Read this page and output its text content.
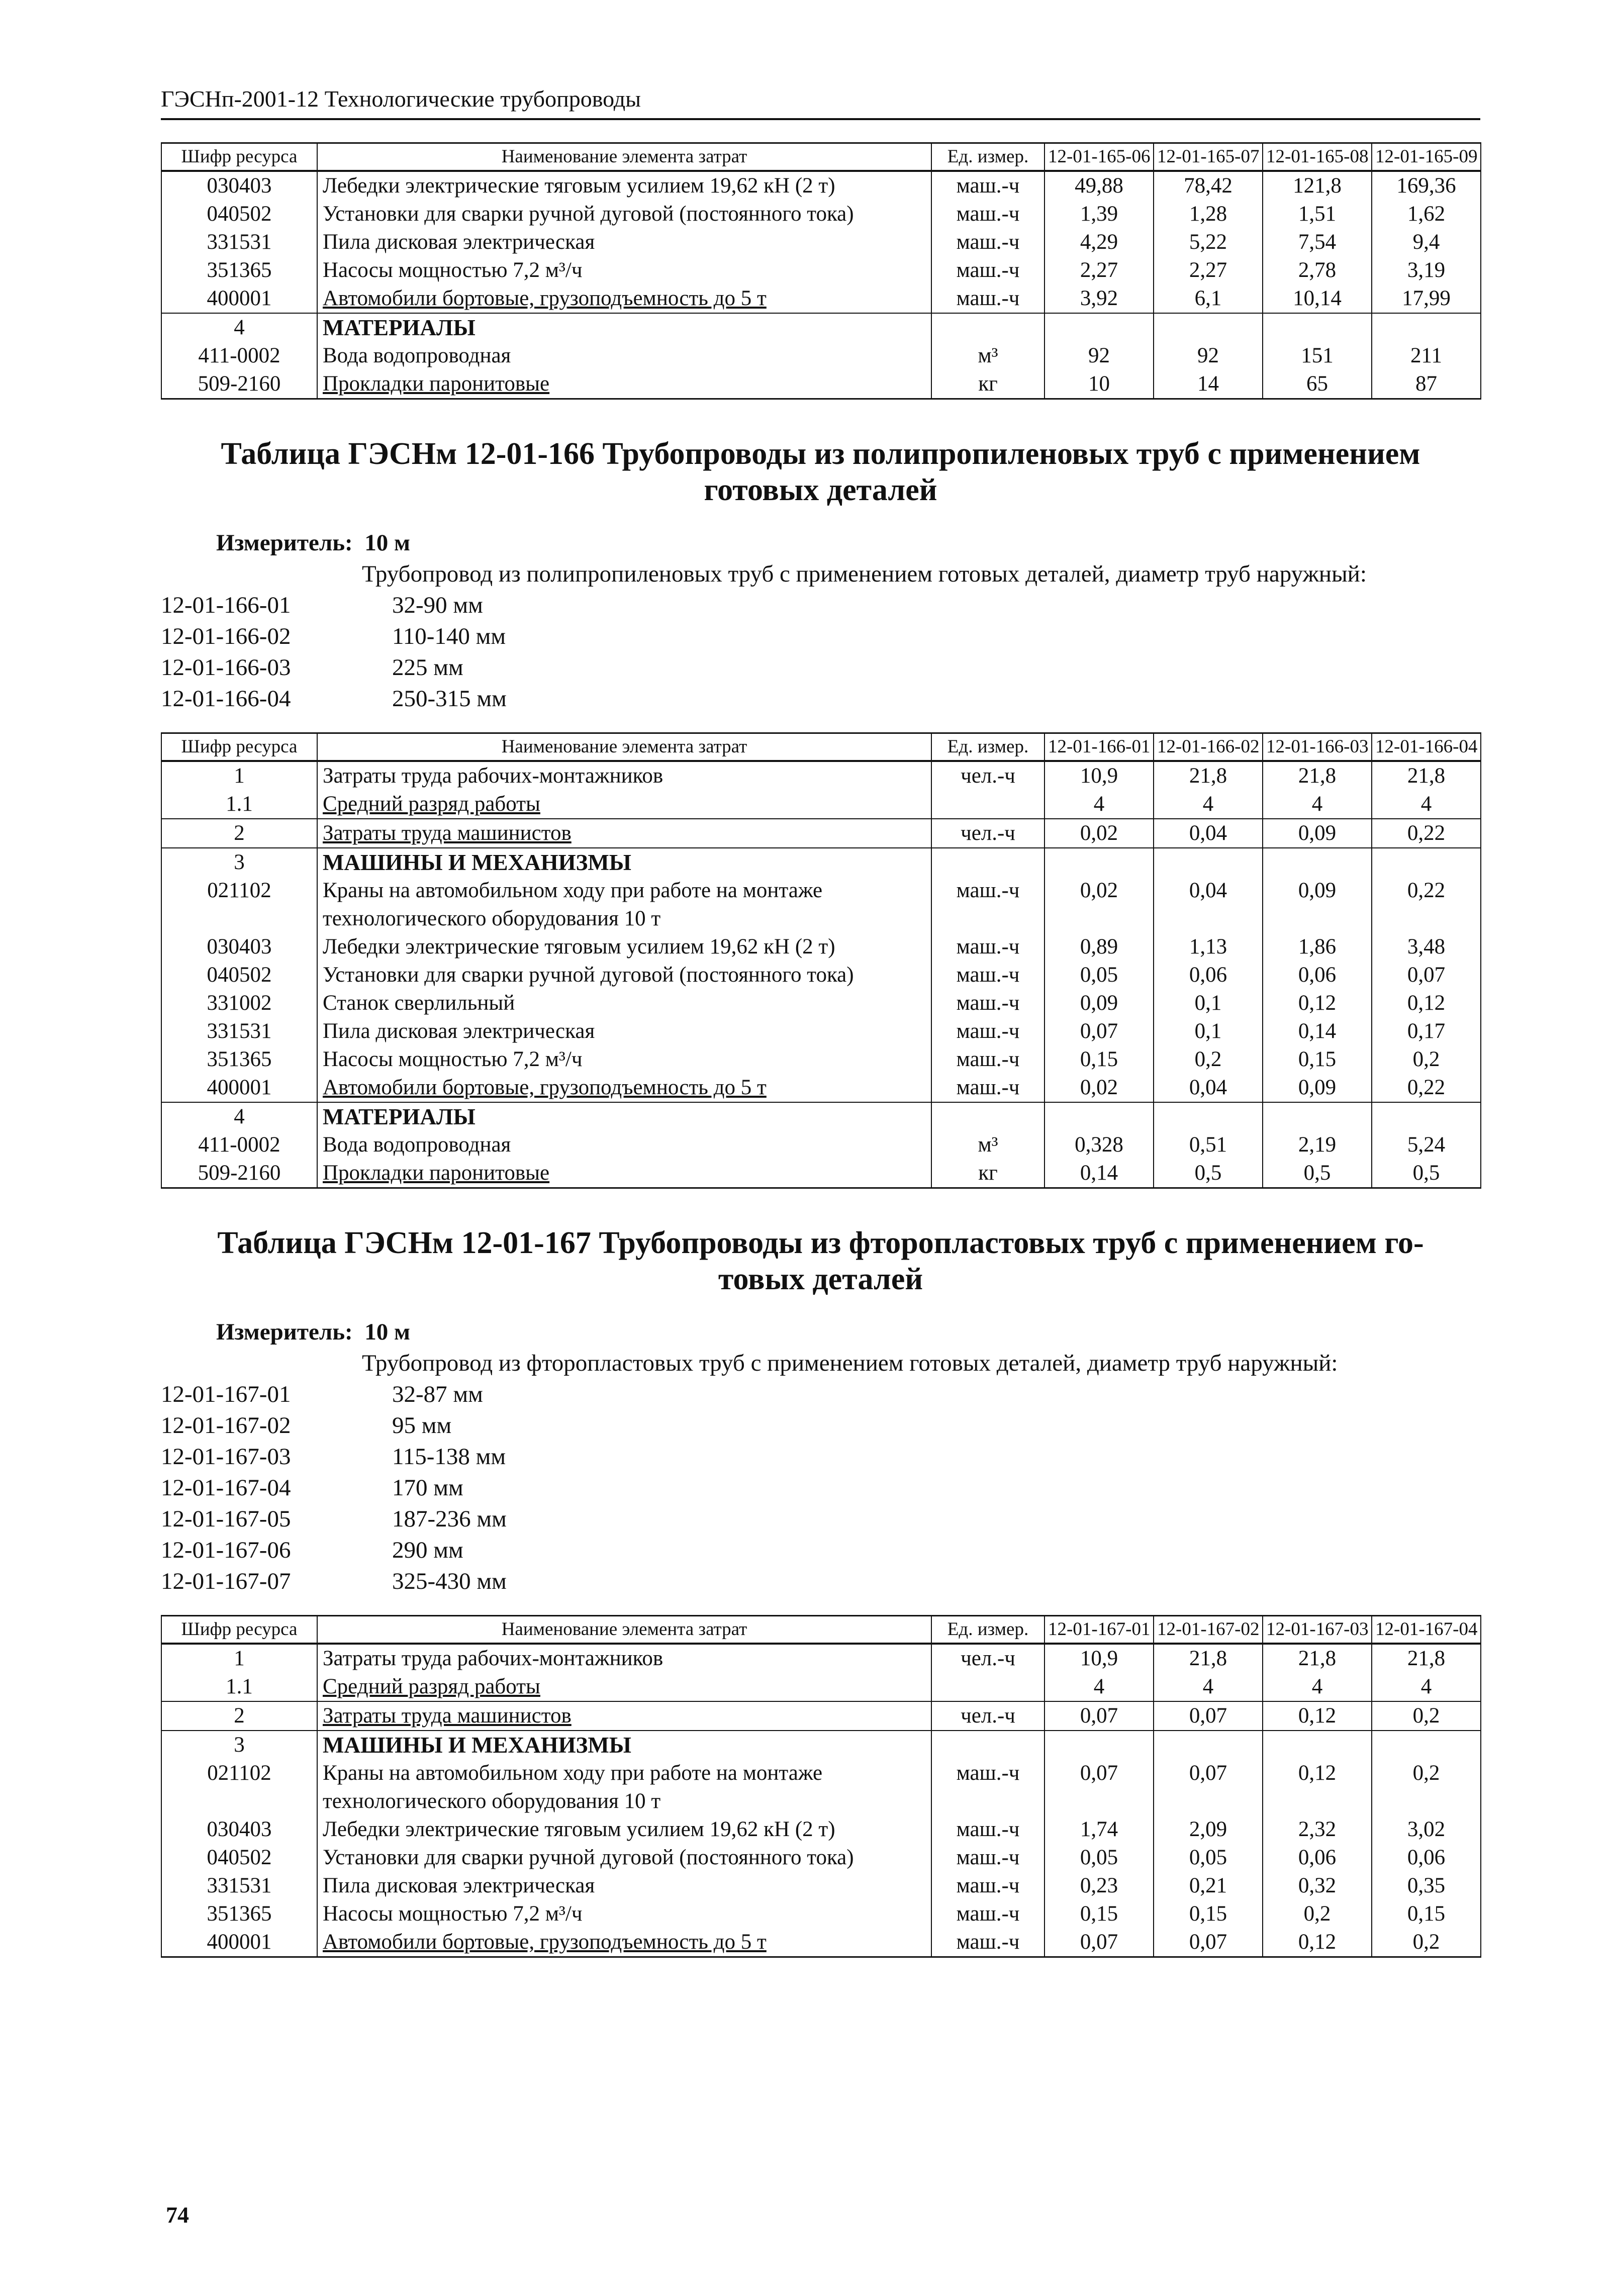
ГЭСНп-2001-12 Технологические трубопроводы
Шифр ресурса	Наименование элемента затрат	Ед. измер.	12-01-165-06	12-01-165-07	12-01-165-08	12-01-165-09
030403	Лебедки электрические тяговым усилием 19,62 кН (2 т)	маш.-ч	49,88	78,42	121,8	169,36
040502	Установки для сварки ручной дуговой (постоянного тока)	маш.-ч	1,39	1,28	1,51	1,62
331531	Пила дисковая электрическая	маш.-ч	4,29	5,22	7,54	9,4
351365	Насосы мощностью 7,2 м³/ч	маш.-ч	2,27	2,27	2,78	3,19
400001	Автомобили бортовые, грузоподъемность до 5 т	маш.-ч	3,92	6,1	10,14	17,99
4	МАТЕРИАЛЫ					
411-0002	Вода водопроводная	м³	92	92	151	211
509-2160	Прокладки паронитовые	кг	10	14	65	87
Таблица ГЭСНм 12-01-166 Трубопроводы из полипропиленовых труб с применением
готовых деталей
Измеритель: 10 м
Трубопровод из полипропиленовых труб с применением готовых деталей, диаметр труб наружный:
12-01-166-01	32-90 мм
12-01-166-02	110-140 мм
12-01-166-03	225 мм
12-01-166-04	250-315 мм
Шифр ресурса	Наименование элемента затрат	Ед. измер.	12-01-166-01	12-01-166-02	12-01-166-03	12-01-166-04
1	Затраты труда рабочих-монтажников	чел.-ч	10,9	21,8	21,8	21,8
1.1	Средний разряд работы		4	4	4	4
2	Затраты труда машинистов	чел.-ч	0,02	0,04	0,09	0,22
3	МАШИНЫ И МЕХАНИЗМЫ					
021102	Краны на автомобильном ходу при работе на монтаже технологического оборудования 10 т	маш.-ч	0,02	0,04	0,09	0,22
030403	Лебедки электрические тяговым усилием 19,62 кН (2 т)	маш.-ч	0,89	1,13	1,86	3,48
040502	Установки для сварки ручной дуговой (постоянного тока)	маш.-ч	0,05	0,06	0,06	0,07
331002	Станок сверлильный	маш.-ч	0,09	0,1	0,12	0,12
331531	Пила дисковая электрическая	маш.-ч	0,07	0,1	0,14	0,17
351365	Насосы мощностью 7,2 м³/ч	маш.-ч	0,15	0,2	0,15	0,2
400001	Автомобили бортовые, грузоподъемность до 5 т	маш.-ч	0,02	0,04	0,09	0,22
4	МАТЕРИАЛЫ					
411-0002	Вода водопроводная	м³	0,328	0,51	2,19	5,24
509-2160	Прокладки паронитовые	кг	0,14	0,5	0,5	0,5
Таблица ГЭСНм 12-01-167 Трубопроводы из фторопластовых труб с применением го-
товых деталей
Измеритель: 10 м
Трубопровод из фторопластовых труб с применением готовых деталей, диаметр труб наружный:
12-01-167-01	32-87 мм
12-01-167-02	95 мм
12-01-167-03	115-138 мм
12-01-167-04	170 мм
12-01-167-05	187-236 мм
12-01-167-06	290 мм
12-01-167-07	325-430 мм
Шифр ресурса	Наименование элемента затрат	Ед. измер.	12-01-167-01	12-01-167-02	12-01-167-03	12-01-167-04
1	Затраты труда рабочих-монтажников	чел.-ч	10,9	21,8	21,8	21,8
1.1	Средний разряд работы		4	4	4	4
2	Затраты труда машинистов	чел.-ч	0,07	0,07	0,12	0,2
3	МАШИНЫ И МЕХАНИЗМЫ					
021102	Краны на автомобильном ходу при работе на монтаже технологического оборудования 10 т	маш.-ч	0,07	0,07	0,12	0,2
030403	Лебедки электрические тяговым усилием 19,62 кН (2 т)	маш.-ч	1,74	2,09	2,32	3,02
040502	Установки для сварки ручной дуговой (постоянного тока)	маш.-ч	0,05	0,05	0,06	0,06
331531	Пила дисковая электрическая	маш.-ч	0,23	0,21	0,32	0,35
351365	Насосы мощностью 7,2 м³/ч	маш.-ч	0,15	0,15	0,2	0,15
400001	Автомобили бортовые, грузоподъемность до 5 т	маш.-ч	0,07	0,07	0,12	0,2
74
